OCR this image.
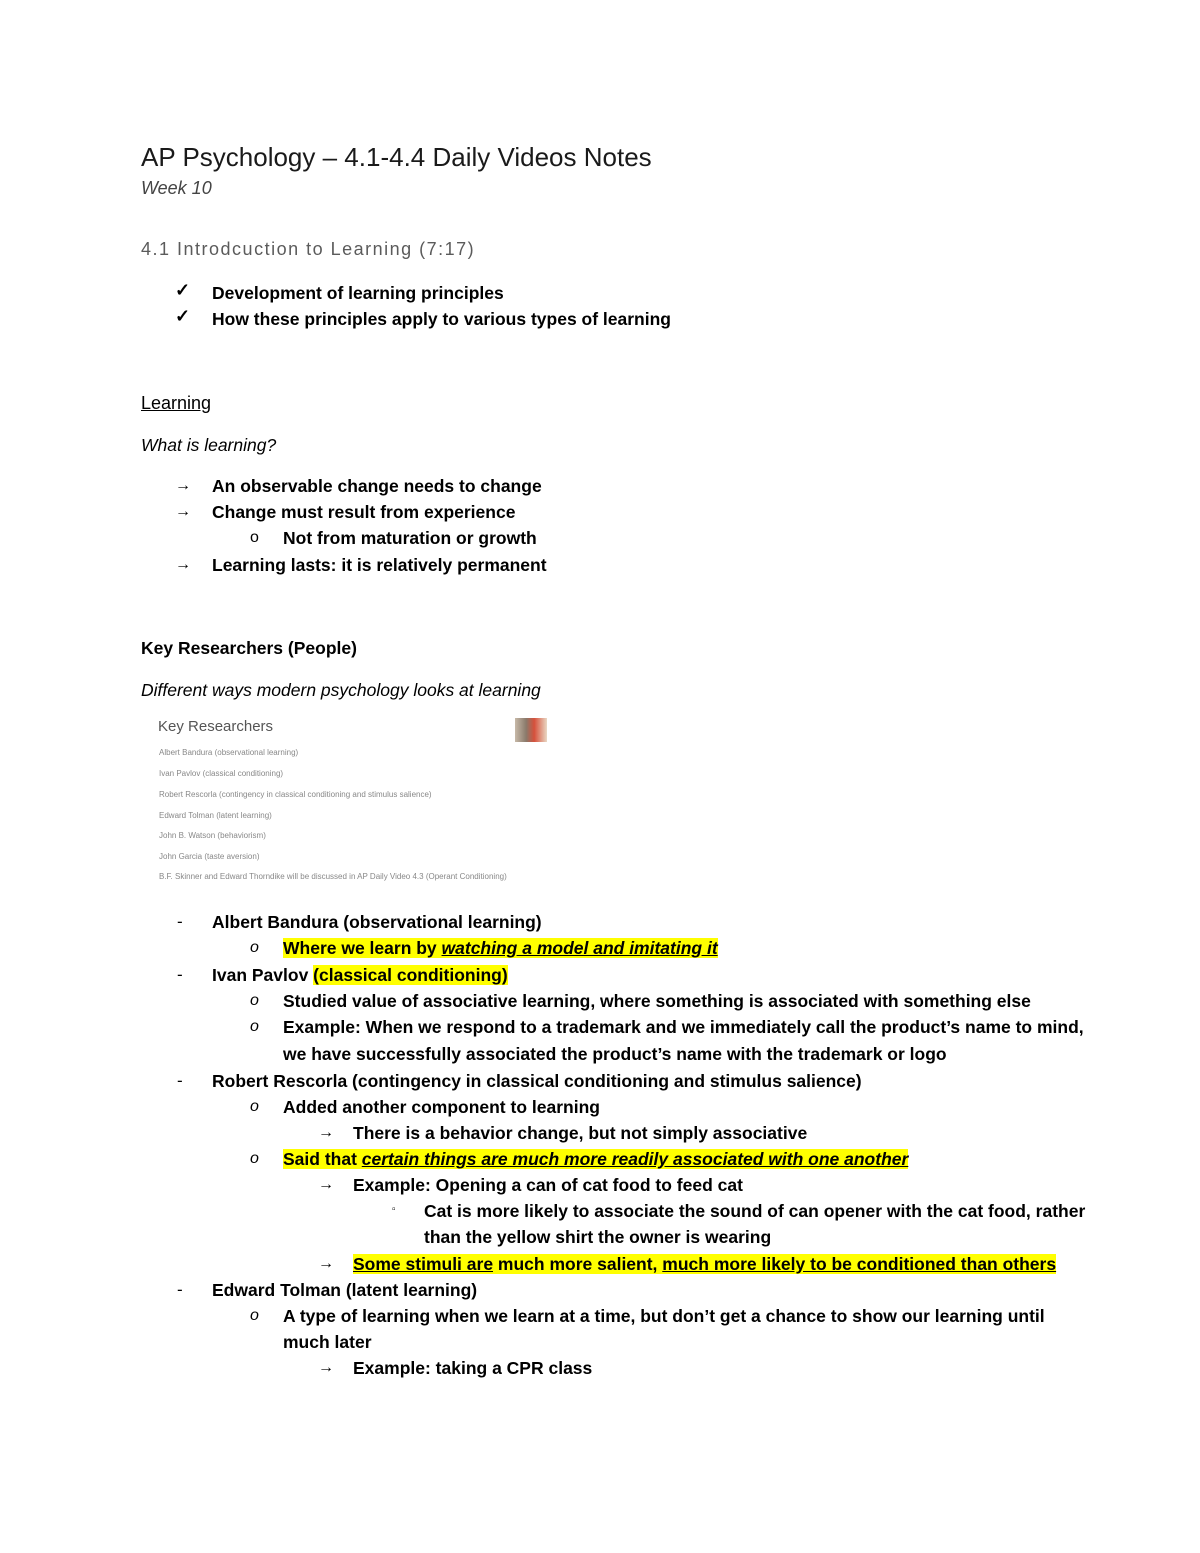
AP Psychology – 4.1-4.4 Daily Videos Notes
Week 10
4.1 Introdcuction to Learning (7:17)
✓ Development of learning principles
✓ How these principles apply to various types of learning
Learning
What is learning?
→ An observable change needs to change
→ Change must result from experience
o Not from maturation or growth
→ Learning lasts: it is relatively permanent
Key Researchers (People)
Different ways modern psychology looks at learning
Key Researchers
Albert Bandura (observational learning)
Ivan Pavlov (classical conditioning)
Robert Rescorla (contingency in classical conditioning and stimulus salience)
Edward Tolman (latent learning)
John B. Watson (behaviorism)
John Garcia (taste aversion)
B.F. Skinner and Edward Thorndike will be discussed in AP Daily Video 4.3 (Operant Conditioning)
- Albert Bandura (observational learning)
o Where we learn by watching a model and imitating it
- Ivan Pavlov (classical conditioning)
o Studied value of associative learning, where something is associated with something else
o Example: When we respond to a trademark and we immediately call the product’s name to mind,
we have successfully associated the product’s name with the trademark or logo
- Robert Rescorla (contingency in classical conditioning and stimulus salience)
o Added another component to learning
→ There is a behavior change, but not simply associative
o Said that certain things are much more readily associated with one another
→ Example: Opening a can of cat food to feed cat
▫ Cat is more likely to associate the sound of can opener with the cat food, rather
than the yellow shirt the owner is wearing
→ Some stimuli are much more salient, much more likely to be conditioned than others
- Edward Tolman (latent learning)
o A type of learning when we learn at a time, but don’t get a chance to show our learning until
much later
→ Example: taking a CPR class
